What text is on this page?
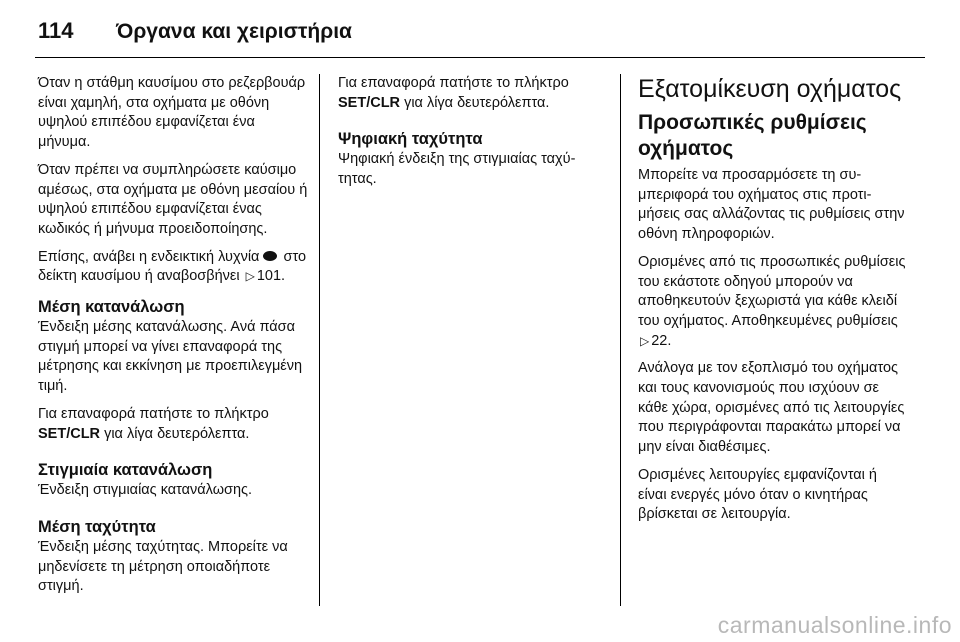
114	Όργανα και χειριστήρια

Όταν η στάθμη καυσίμου στο ρεζερβουάρ είναι χαμηλή, στα οχήματα με οθόνη υψηλού επιπέδου εμφανίζεται ένα μήνυμα.

Όταν πρέπει να συμπληρώσετε καύσιμο αμέσως, στα οχήματα με οθόνη μεσαίου ή υψηλού επιπέδου εμφανίζεται ένας κωδικός ή μήνυμα προειδοποίησης.

Επίσης, ανάβει η ενδεικτική λυχνία στο δείκτη καυσίμου ή αναβοσβήνει ▷ 101.

Μέση κατανάλωση

Ένδειξη μέσης κατανάλωσης. Ανά πάσα στιγμή μπορεί να γίνει επαναφορά της μέτρησης και εκκίνηση με προεπιλεγμένη τιμή.

Για επαναφορά πατήστε το πλήκτρο SET/CLR για λίγα δευτερόλεπτα.

Στιγμιαία κατανάλωση

Ένδειξη στιγμιαίας κατανάλωσης.

Μέση ταχύτητα

Ένδειξη μέσης ταχύτητας. Μπορείτε να μηδενίσετε τη μέτρηση οποιαδήποτε στιγμή.

Για επαναφορά πατήστε το πλήκτρο SET/CLR για λίγα δευτερόλεπτα.

Ψηφιακή ταχύτητα

Ψηφιακή ένδειξη της στιγμιαίας ταχύτητας.

Εξατομίκευση οχήματος
Προσωπικές ρυθμίσεις οχήματος

Μπορείτε να προσαρμόσετε τη συμπεριφορά του οχήματος στις προτιμήσεις σας αλλάζοντας τις ρυθμίσεις στην οθόνη πληροφοριών.

Ορισμένες από τις προσωπικές ρυθμίσεις του εκάστοτε οδηγού μπορούν να αποθηκευτούν ξεχωριστά για κάθε κλειδί του οχήματος. Αποθηκευμένες ρυθμίσεις ▷ 22.

Ανάλογα με τον εξοπλισμό του οχήματος και τους κανονισμούς που ισχύουν σε κάθε χώρα, ορισμένες από τις λειτουργίες που περιγράφονται παρακάτω μπορεί να μην είναι διαθέσιμες.

Ορισμένες λειτουργίες εμφανίζονται ή είναι ενεργές μόνο όταν ο κινητήρας βρίσκεται σε λειτουργία.

carmanualsonline.info
